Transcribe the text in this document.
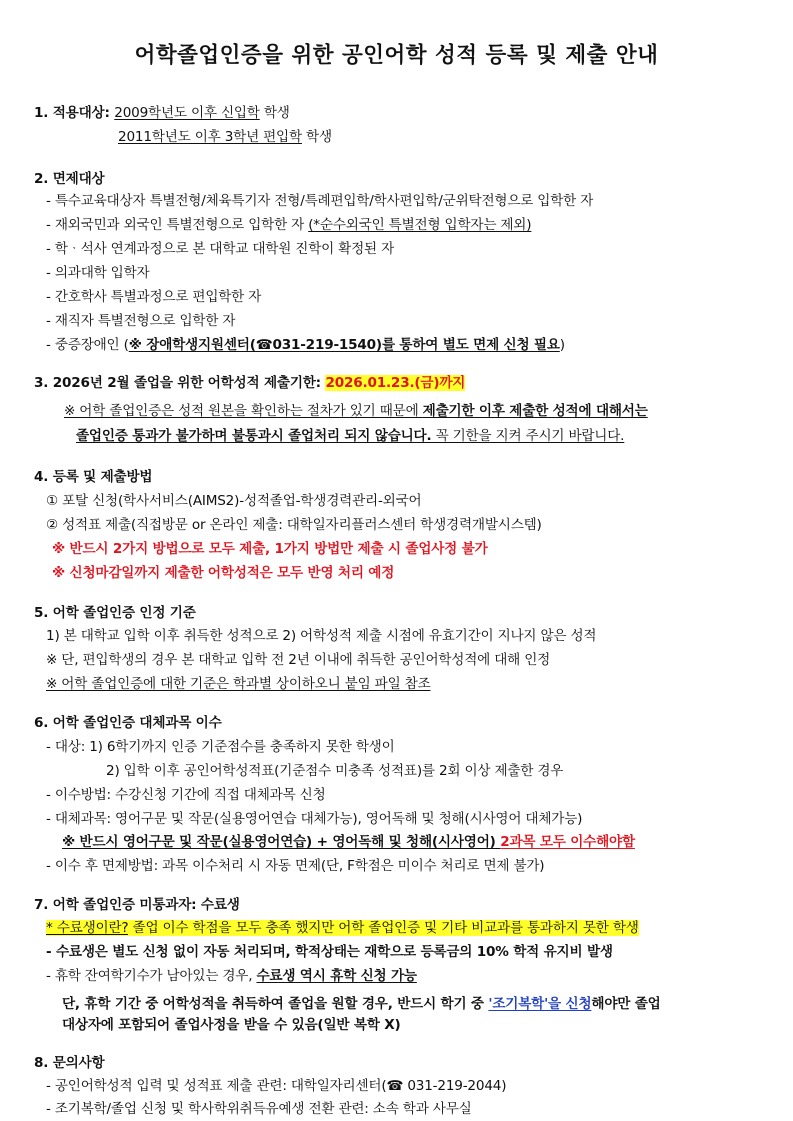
어학졸업인증을 위한 공인어학 성적 등록 및 제출 안내
1. 적용대상: 2009학년도 이후 신입학 학생
2011학년도 이후 3학년 편입학 학생
2. 면제대상
- 특수교육대상자 특별전형/체육특기자 전형/특례편입학/학사편입학/군위탁전형으로 입학한 자
- 재외국민과 외국인 특별전형으로 입학한 자 (*순수외국인 특별전형 입학자는 제외)
- 학ᆞ석사 연계과정으로 본 대학교 대학원 진학이 확정된 자
- 의과대학 입학자
- 간호학사 특별과정으로 편입학한 자
- 재직자 특별전형으로 입학한 자
- 중증장애인 (※ 장애학생지원센터(☎031-219-1540)를 통하여 별도 면제 신청 필요)
3. 2026년 2월 졸업을 위한 어학성적 제출기한: 2026.01.23.(금)까지
※ 어학 졸업인증은 성적 원본을 확인하는 절차가 있기 때문에 제출기한 이후 제출한 성적에 대해서는
졸업인증 통과가 불가하며 불통과시 졸업처리 되지 않습니다. 꼭 기한을 지켜 주시기 바랍니다.
4. 등록 및 제출방법
① 포탈 신청(학사서비스(AIMS2)-성적졸업-학생경력관리-외국어
② 성적표 제출(직접방문 or 온라인 제출: 대학일자리플러스센터 학생경력개발시스템)
※ 반드시 2가지 방법으로 모두 제출, 1가지 방법만 제출 시 졸업사정 불가
※ 신청마감일까지 제출한 어학성적은 모두 반영 처리 예정
5. 어학 졸업인증 인정 기준
1) 본 대학교 입학 이후 취득한 성적으로 2) 어학성적 제출 시점에 유효기간이 지나지 않은 성적
※ 단, 편입학생의 경우 본 대학교 입학 전 2년 이내에 취득한 공인어학성적에 대해 인정
※ 어학 졸업인증에 대한 기준은 학과별 상이하오니 붙임 파일 참조
6. 어학 졸업인증 대체과목 이수
- 대상: 1) 6학기까지 인증 기준점수를 충족하지 못한 학생이
2) 입학 이후 공인어학성적표(기준점수 미충족 성적표)를 2회 이상 제출한 경우
- 이수방법: 수강신청 기간에 직접 대체과목 신청
- 대체과목: 영어구문 및 작문(실용영어연습 대체가능), 영어독해 및 청해(시사영어 대체가능)
※ 반드시 영어구문 및 작문(실용영어연습) + 영어독해 및 청해(시사영어) 2과목 모두 이수해야함
- 이수 후 면제방법: 과목 이수처리 시 자동 면제(단, F학점은 미이수 처리로 면제 불가)
7. 어학 졸업인증 미통과자: 수료생
* 수료생이란? 졸업 이수 학점을 모두 충족 했지만 어학 졸업인증 및 기타 비교과를 통과하지 못한 학생
- 수료생은 별도 신청 없이 자동 처리되며, 학적상태는 재학으로 등록금의 10% 학적 유지비 발생
- 휴학 잔여학기수가 남아있는 경우, 수료생 역시 휴학 신청 가능
단, 휴학 기간 중 어학성적을 취득하여 졸업을 원할 경우, 반드시 학기 중 '조기복학'을 신청해야만 졸업
대상자에 포함되어 졸업사정을 받을 수 있음(일반 복학 X)
8. 문의사항
- 공인어학성적 입력 및 성적표 제출 관련: 대학일자리센터(☎ 031-219-2044)
- 조기복학/졸업 신청 및 학사학위취득유예생 전환 관련: 소속 학과 사무실
